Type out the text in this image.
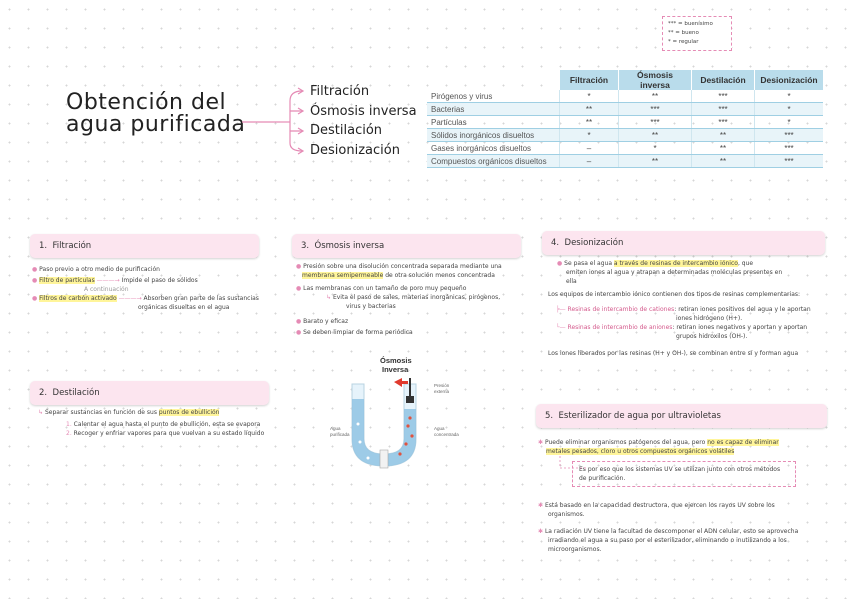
*** = buenísimo
** = bueno
* = regular
Obtención del
agua purificada
Filtración
Ósmosis inversa
Destilación
Desionización
	Filtración	Ósmosis inversa	Destilación	Desionización
Pirógenos y virus	*	**	***	*
Bacterias	**	***	***	*
Partículas	**	***	***	*
Sólidos inorgánicos disueltos	*	**	**	***
Gases inorgánicos disueltos	–	*	**	***
Compuestos orgánicos disueltos	–	**	**	***
1. Filtración
● Paso previo a otro medio de purificación
● Filtro de partículas ———→ Impide el paso de sólidos
A continuación
● Filtros de carbón activado ———→ Absorben gran parte de las sustancias
orgánicas disueltas en el agua
2. Destilación
↳ Separar sustancias en función de sus puntos de ebullición
1. Calentar el agua hasta el punto de ebullición, esta se evapora
2. Recoger y enfriar vapores para que vuelvan a su estado líquido
3. Ósmosis inversa
● Presión sobre una disolución concentrada separada mediante una
membrana semipermeable de otra solución menos concentrada
● Las membranas con un tamaño de poro muy pequeño
↳ Evita el paso de sales, materias inorgánicas, pirógenos,
virus y bacterias
● Barato y eficaz
● Se deben limpiar de forma periódica
Ósmosis
Inversa
Presión
externa
Agua
purificada
Agua
concentrada
4. Desionización
● Se pasa el agua a través de resinas de intercambio iónico, que
emiten iones al agua y atrapan a determinadas moléculas presentes en
ella
Los equipos de intercambio iónico contienen dos tipos de resinas complementarias:
┝— Resinas de intercambio de cationes: retiran iones positivos del agua y le aportan
iones hidrógeno (H+).
└— Resinas de intercambio de aniones: retiran iones negativos y aportan y aportan
grupos hidroxilos (OH-).
Los iones liberados por las resinas (H+ y OH-), se combinan entre sí y forman agua
5. Esterilizador de agua por ultravioletas
✱ Puede eliminar organismos patógenos del agua, pero no es capaz de eliminar
metales pesados, cloro u otros compuestos orgánicos volátiles
Es por eso que los sistemas UV se utilizan junto con otros métodos
de purificación.
✱ Está basado en la capacidad destructora, que ejercen los rayos UV sobre los
organismos.
✱ La radiación UV tiene la facultad de descomponer el ADN celular, esto se aprovecha
irradiando el agua a su paso por el esterilizador, eliminando o inutilizando a los
microorganismos.
